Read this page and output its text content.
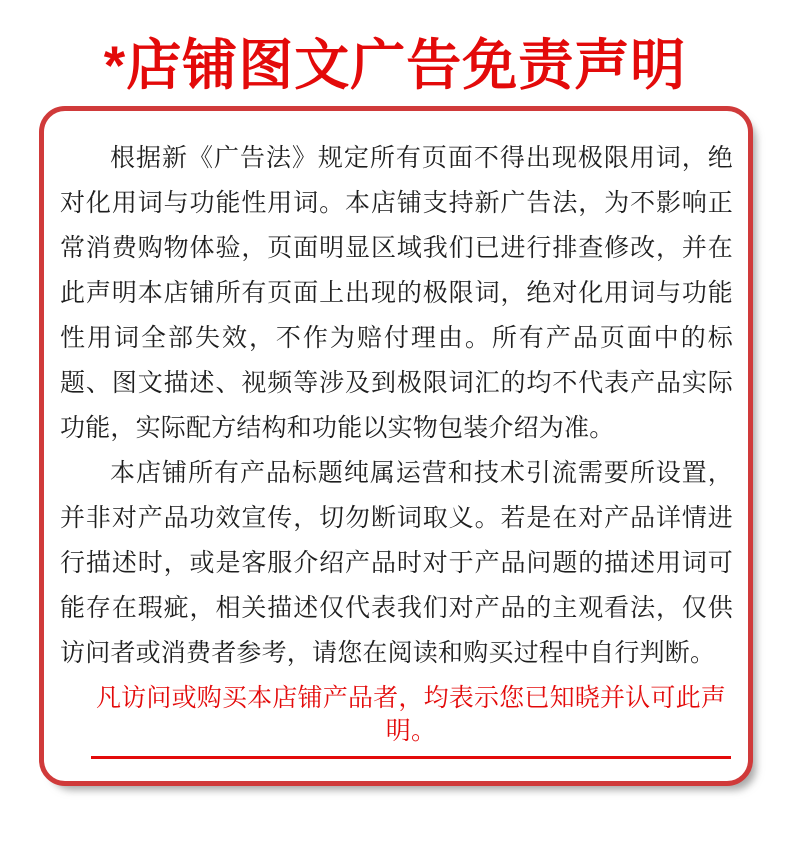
*店铺图文广告免责声明

根据新《广告法》规定所有页面不得出现极限用词，绝对化用词与功能性用词。本店铺支持新广告法，为不影响正常消费购物体验，页面明显区域我们已进行排查修改，并在此声明本店铺所有页面上出现的极限词，绝对化用词与功能性用词全部失效，不作为赔付理由。所有产品页面中的标题、图文描述、视频等涉及到极限词汇的均不代表产品实际功能，实际配方结构和功能以实物包装介绍为准。

本店铺所有产品标题纯属运营和技术引流需要所设置，并非对产品功效宣传，切勿断词取义。若是在对产品详情进行描述时，或是客服介绍产品时对于产品问题的描述用词可能存在瑕疵，相关描述仅代表我们对产品的主观看法，仅供访问者或消费者参考，请您在阅读和购买过程中自行判断。

凡访问或购买本店铺产品者，均表示您已知晓并认可此声明。
